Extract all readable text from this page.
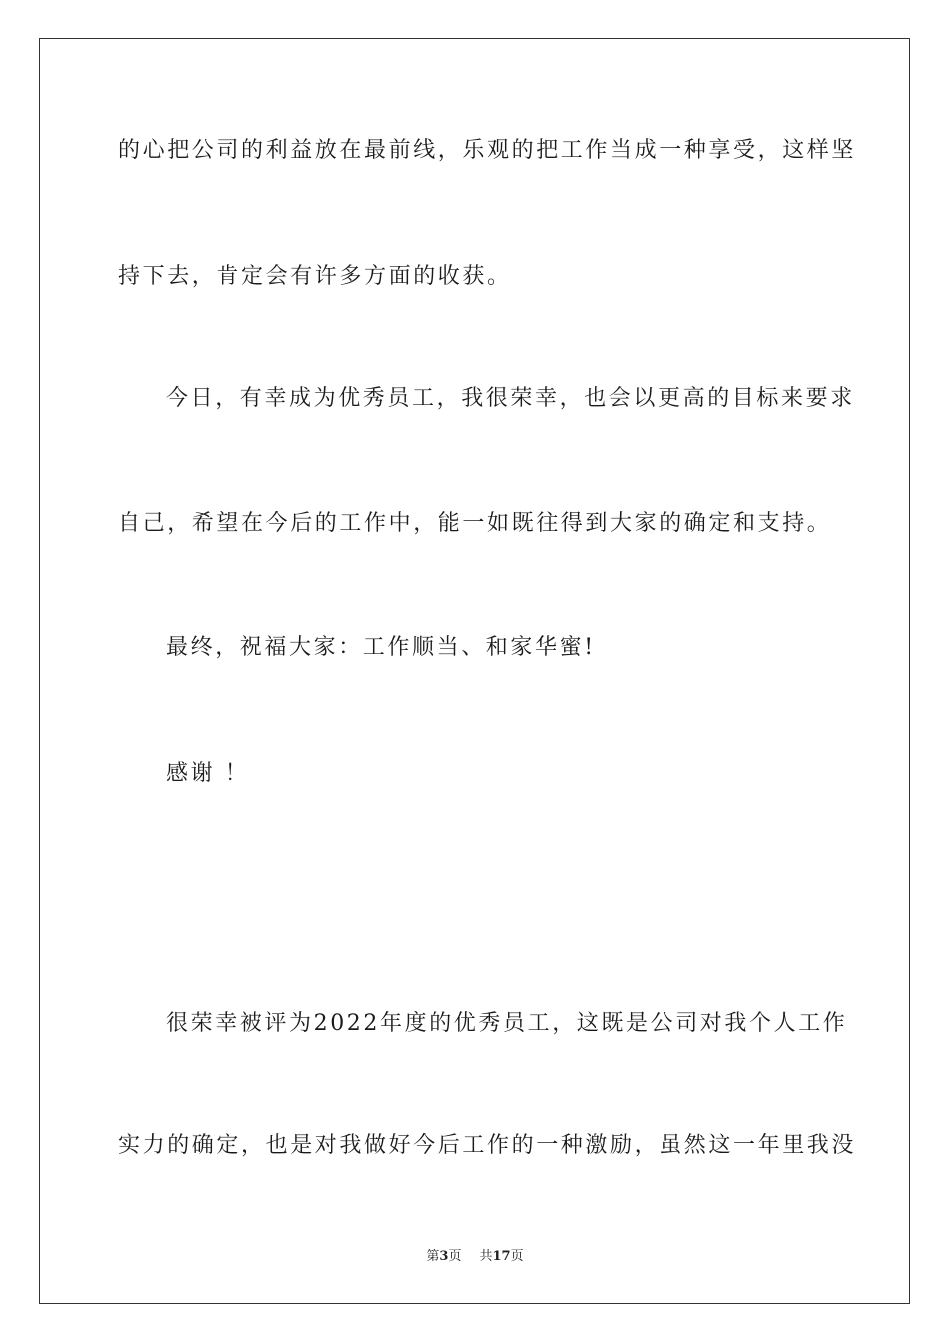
的心把公司的利益放在最前线，乐观的把工作当成一种享受，这样坚
持下去，肯定会有许多方面的收获。
今日，有幸成为优秀员工，我很荣幸，也会以更高的目标来要求
自己，希望在今后的工作中，能一如既往得到大家的确定和支持。
最终，祝福大家：工作顺当、和家华蜜!
感谢 ！
很荣幸被评为2022年度的优秀员工，这既是公司对我个人工作
实力的确定，也是对我做好今后工作的一种激励，虽然这一年里我没
第3页 共17页
